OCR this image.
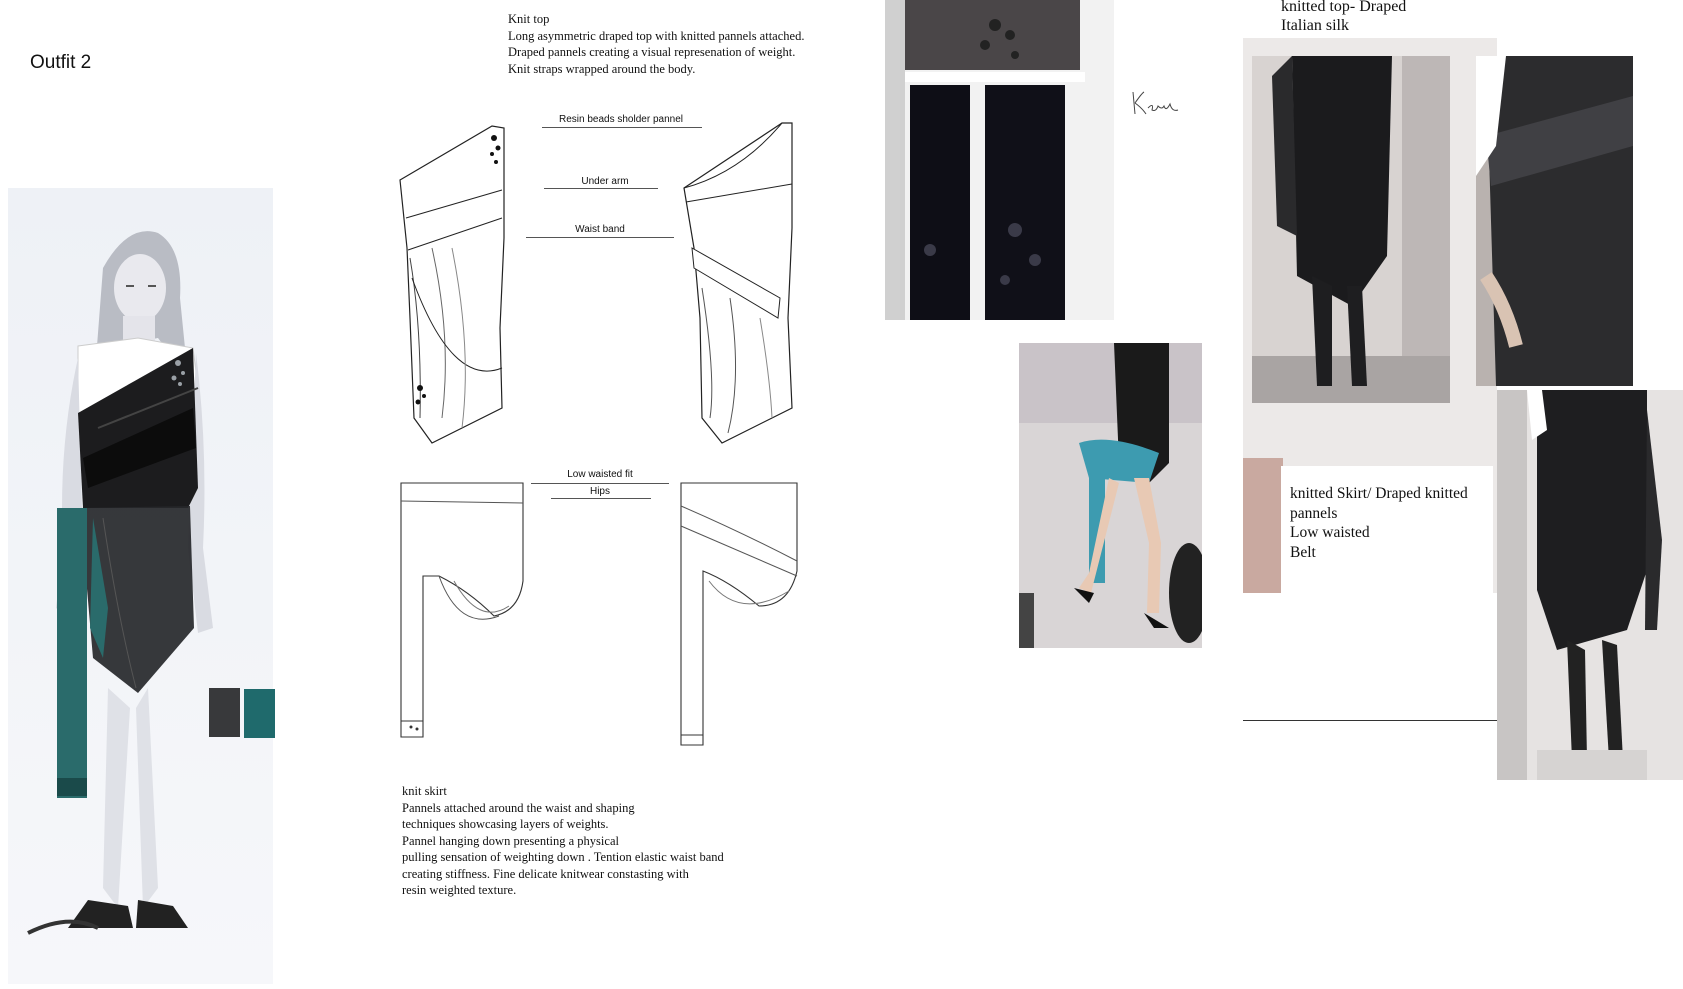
Outfit 2
Knit top
Long asymmetric draped top with knitted pannels attached.
Draped pannels creating a visual represenation of weight.
Knit straps wrapped around the body.
Resin beads sholder pannel
Under arm
Waist band
Low waisted fit
Hips
knit skirt
Pannels attached around the waist and shaping
techniques showcasing layers of weights.
Pannel hanging down presenting a physical
pulling sensation of weighting down . Tention elastic waist band
creating stiffness. Fine delicate knitwear constasting with
resin weighted texture.
knitted top- Draped
Italian silk
knitted Skirt/ Draped knitted
pannels
Low waisted
Belt
